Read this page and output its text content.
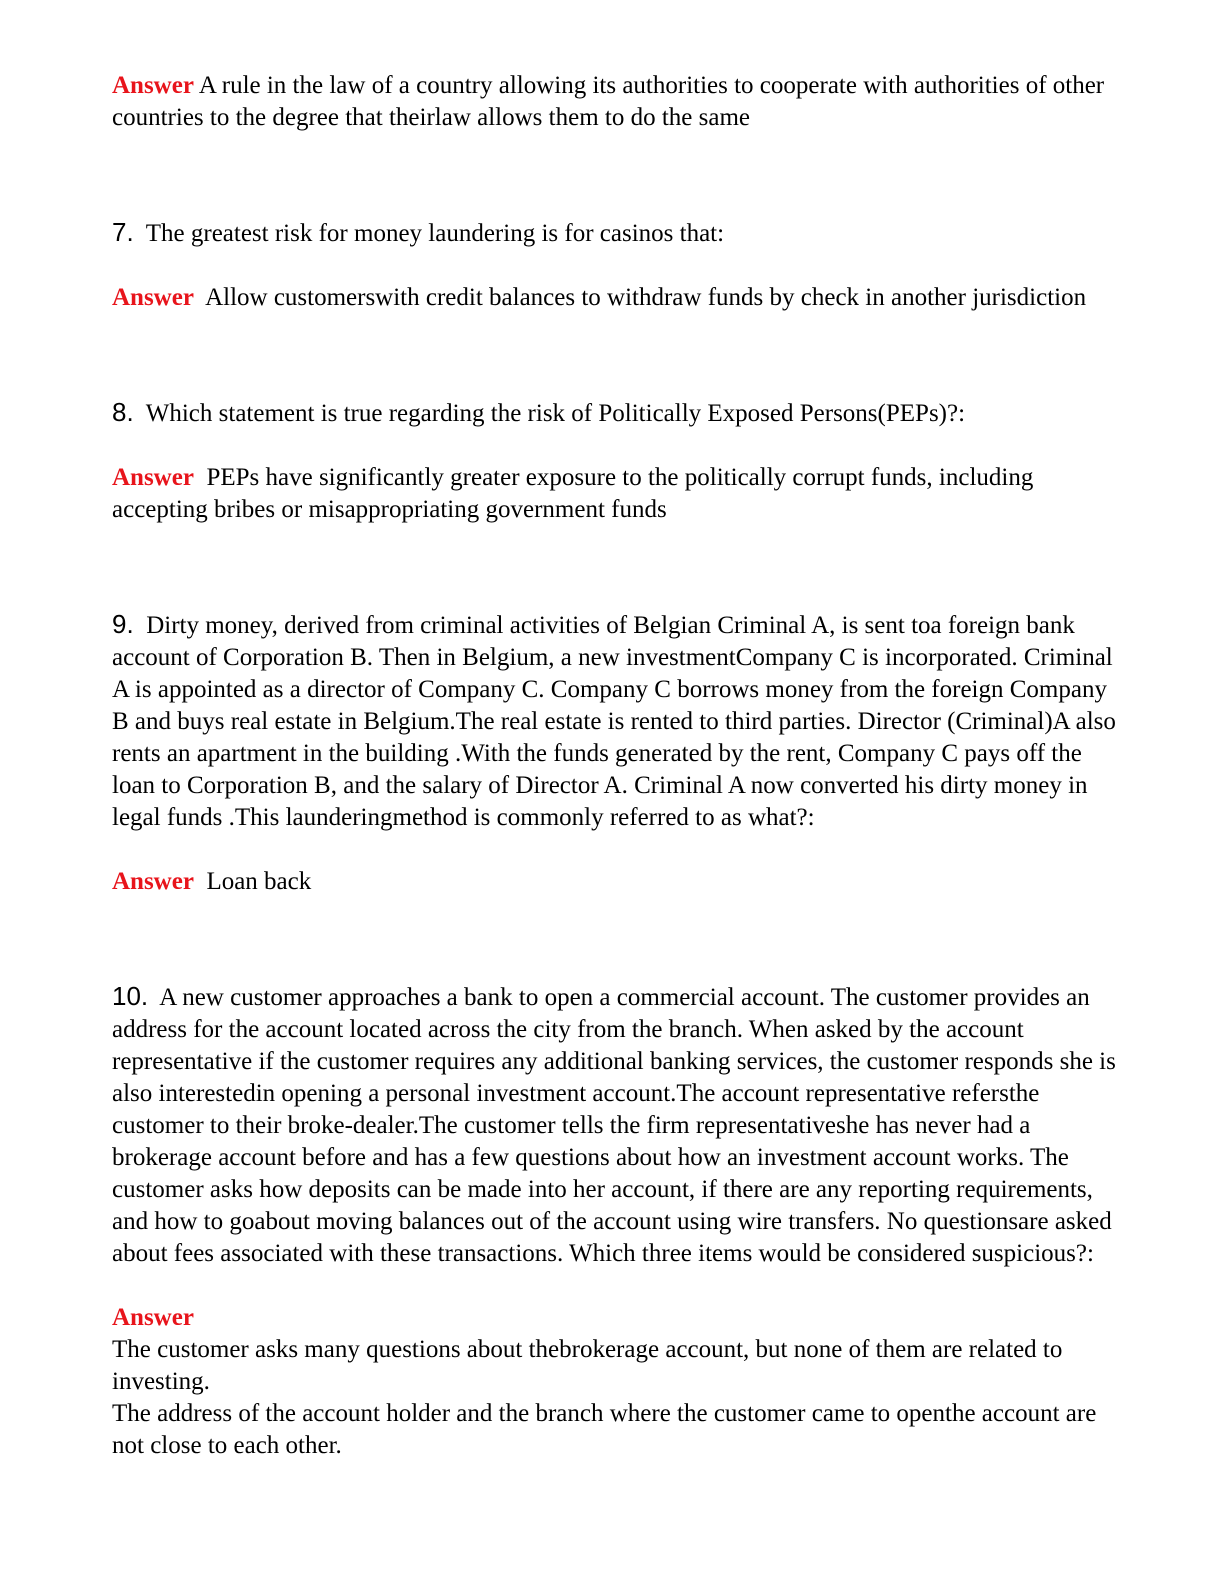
Answer A rule in the law of a country allowing its authorities to cooperate with authorities of other countries to the degree that theirlaw allows them to do the same

7. The greatest risk for money laundering is for casinos that:

Answer Allow customerswith credit balances to withdraw funds by check in another jurisdiction

8. Which statement is true regarding the risk of Politically Exposed Persons(PEPs)?:

Answer PEPs have significantly greater exposure to the politically corrupt funds, including accepting bribes or misappropriating government funds

9. Dirty money, derived from criminal activities of Belgian Criminal A, is sent toa foreign bank account of Corporation B. Then in Belgium, a new investmentCompany C is incorporated. Criminal A is appointed as a director of Company C. Company C borrows money from the foreign Company B and buys real estate in Belgium.The real estate is rented to third parties. Director (Criminal)A also rents an apartment in the building .With the funds generated by the rent, Company C pays off the loan to Corporation B, and the salary of Director A. Criminal A now converted his dirty money in legal funds .This launderingmethod is commonly referred to as what?:

Answer Loan back

10. A new customer approaches a bank to open a commercial account. The customer provides an address for the account located across the city from the branch. When asked by the account representative if the customer requires any additional banking services, the customer responds she is also interestedin opening a personal investment account.The account representative refersthe customer to their broke-dealer.The customer tells the firm representativeshe has never had a brokerage account before and has a few questions about how an investment account works. The customer asks how deposits can be made into her account, if there are any reporting requirements, and how to goabout moving balances out of the account using wire transfers. No questionsare asked about fees associated with these transactions. Which three items would be considered suspicious?:

Answer
The customer asks many questions about thebrokerage account, but none of them are related to investing.
The address of the account holder and the branch where the customer came to openthe account are not close to each other.
